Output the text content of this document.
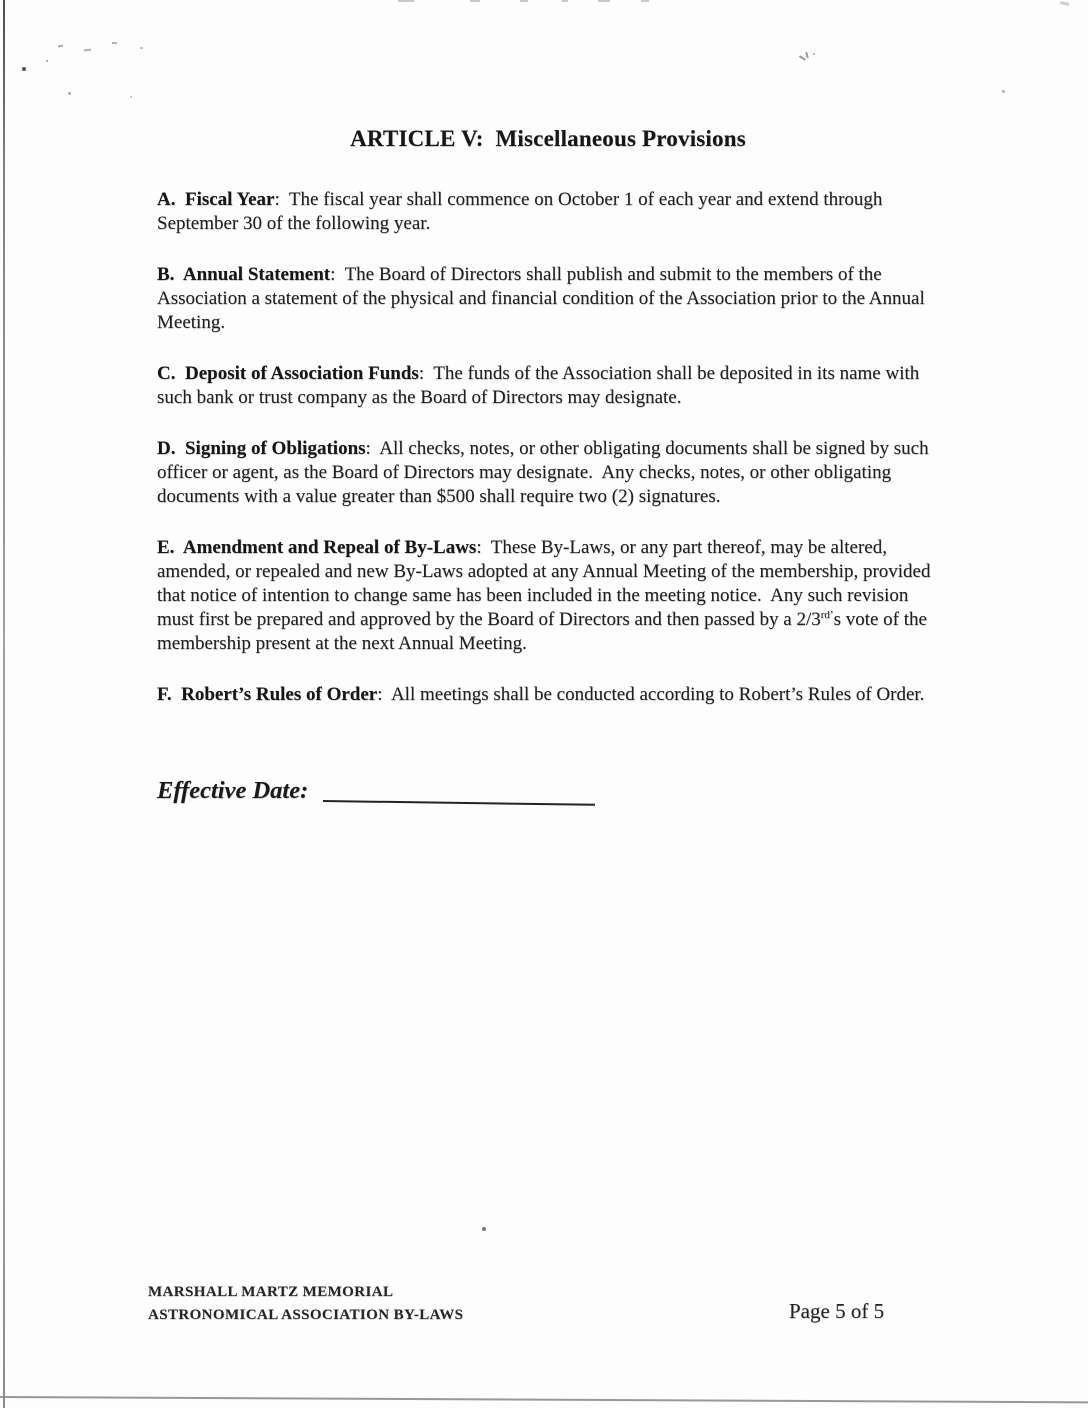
ARTICLE V:  Miscellaneous Provisions

A.  Fiscal Year:  The fiscal year shall commence on October 1 of each year and extend through September 30 of the following year.

B.  Annual Statement:  The Board of Directors shall publish and submit to the members of the Association a statement of the physical and financial condition of the Association prior to the Annual Meeting.

C.  Deposit of Association Funds:  The funds of the Association shall be deposited in its name with such bank or trust company as the Board of Directors may designate.

D.  Signing of Obligations:  All checks, notes, or other obligating documents shall be signed by such officer or agent, as the Board of Directors may designate.  Any checks, notes, or other obligating documents with a value greater than $500 shall require two (2) signatures.

E.  Amendment and Repeal of By-Laws:  These By-Laws, or any part thereof, may be altered, amended, or repealed and new By-Laws adopted at any Annual Meeting of the membership, provided that notice of intention to change same has been included in the meeting notice.  Any such revision must first be prepared and approved by the Board of Directors and then passed by a $2/3^{rd’}s$ vote of the membership present at the next Annual Meeting.

F.  Robert’s Rules of Order:  All meetings shall be conducted according to Robert’s Rules of Order.

Effective Date:
MARSHALL MARTZ MEMORIAL
ASTRONOMICAL ASSOCIATION BY-LAWS	Page 5 of 5
